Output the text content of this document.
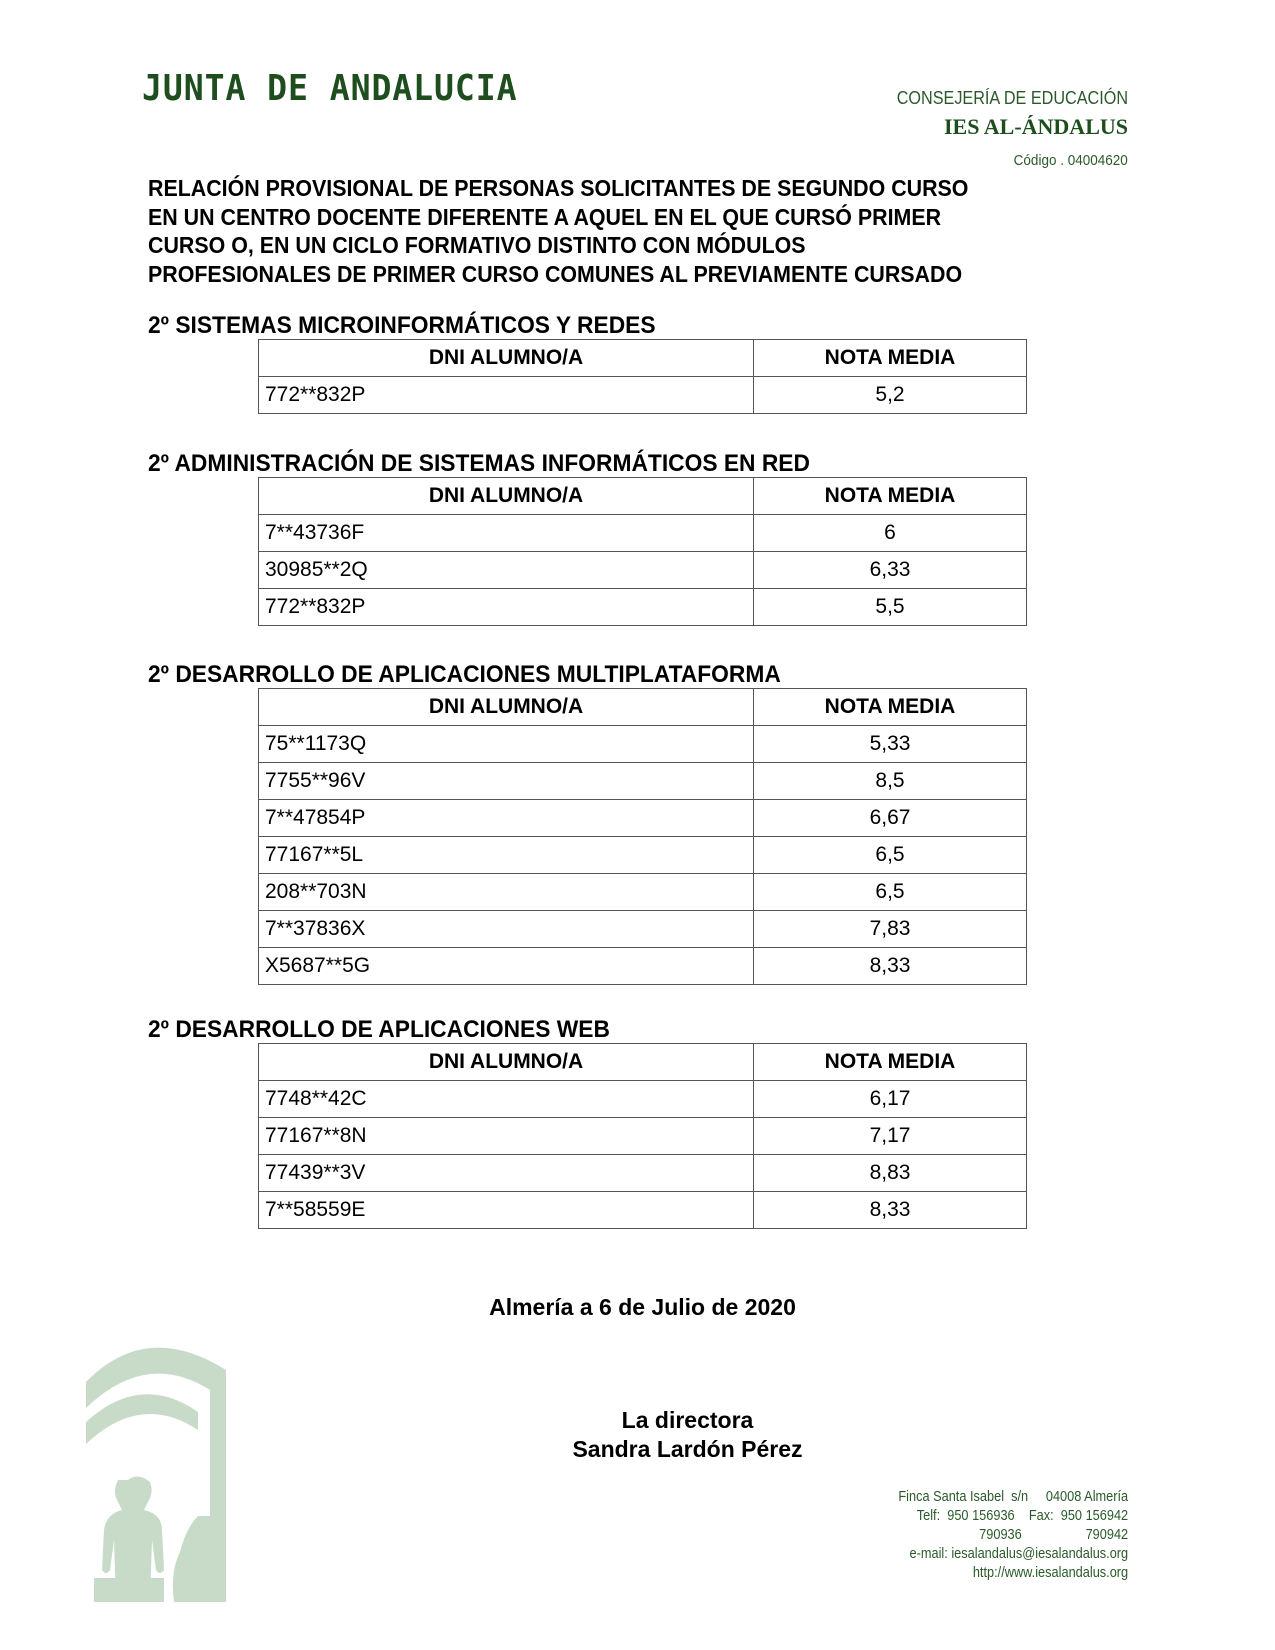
JUNTA DE ANDALUCIA	CONSEJERÍA DE EDUCACIÓN
IES AL-ÁNDALUS
Código . 04004620
RELACIÓN PROVISIONAL DE PERSONAS SOLICITANTES DE SEGUNDO CURSO
EN UN CENTRO DOCENTE DIFERENTE A AQUEL EN EL QUE CURSÓ PRIMER
CURSO O, EN UN CICLO FORMATIVO DISTINTO CON MÓDULOS
PROFESIONALES DE PRIMER CURSO COMUNES AL PREVIAMENTE CURSADO
2º SISTEMAS MICROINFORMÁTICOS Y REDES
DNI ALUMNO/A	NOTA MEDIA
772**832P	5,2
2º ADMINISTRACIÓN DE SISTEMAS INFORMÁTICOS EN RED
DNI ALUMNO/A	NOTA MEDIA
7**43736F	6
30985**2Q	6,33
772**832P	5,5
2º DESARROLLO DE APLICACIONES MULTIPLATAFORMA
DNI ALUMNO/A	NOTA MEDIA
75**1173Q	5,33
7755**96V	8,5
7**47854P	6,67
77167**5L	6,5
208**703N	6,5
7**37836X	7,83
X5687**5G	8,33
2º DESARROLLO DE APLICACIONES WEB
DNI ALUMNO/A	NOTA MEDIA
7748**42C	6,17
77167**8N	7,17
77439**3V	8,83
7**58559E	8,33
Almería a 6 de Julio de 2020
La directora
Sandra Lardón Pérez
Finca Santa Isabel  s/n     04008 Almería
Telf:  950 156936    Fax:  950 156942
790936                  790942
e-mail: iesalandalus@iesalandalus.org
http://www.iesalandalus.org
